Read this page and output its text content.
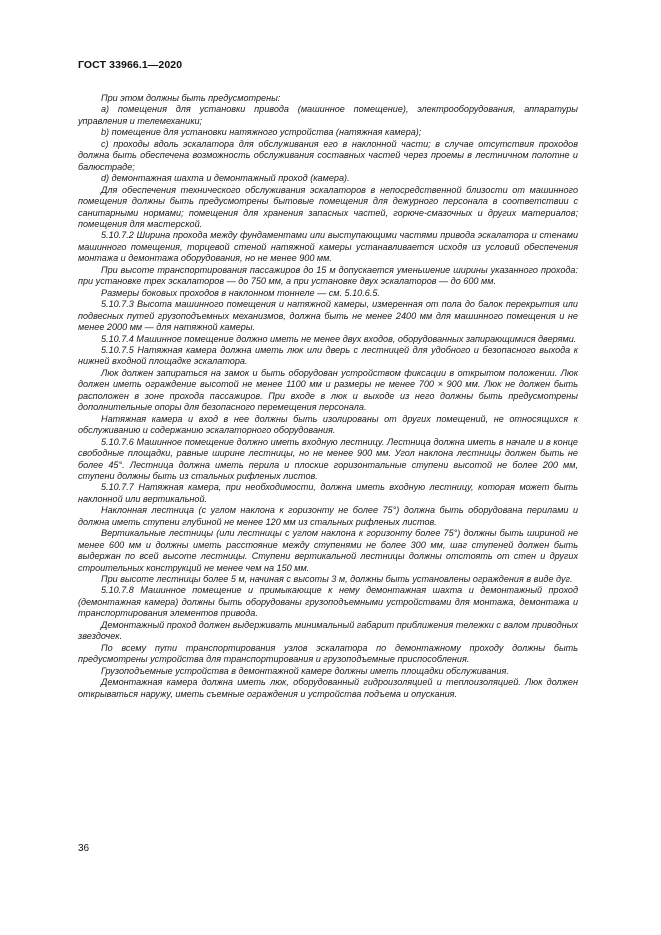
ГОСТ 33966.1—2020

При этом должны быть предусмотрены:

а) помещения для установки привода (машинное помещение), электрооборудования, аппаратуры управления и телемеханики;

b) помещение для установки натяжного устройства (натяжная камера);

с) проходы вдоль эскалатора для обслуживания его в наклонной части; в случае отсутствия проходов должна быть обеспечена возможность обслуживания составных частей через проемы в лестничном полотне и балюстраде;

d) демонтажная шахта и демонтажный проход (камера).

Для обеспечения технического обслуживания эскалаторов в непосредственной близости от машинного помещения должны быть предусмотрены бытовые помещения для дежурного персонала в соответствии с санитарными нормами; помещения для хранения запасных частей, горюче-смазочных и других материалов; помещения для мастерской.

5.10.7.2 Ширина прохода между фундаментами или выступающими частями привода эскалатора и стенами машинного помещения, торцевой стеной натяжной камеры устанавливается исходя из условий обеспечения монтажа и демонтажа оборудования, но не менее 900 мм.

При высоте транспортирования пассажиров до 15 м допускается уменьшение ширины указанного прохода: при установке трех эскалаторов — до 750 мм, а при установке двух эскалаторов — до 600 мм.

Размеры боковых проходов в наклонном тоннеле — см. 5.10.6.5.

5.10.7.3 Высота машинного помещения и натяжной камеры, измеренная от пола до балок перекрытия или подвесных путей грузоподъемных механизмов, должна быть не менее 2400 мм для машинного помещения и не менее 2000 мм — для натяжной камеры.

5.10.7.4 Машинное помещение должно иметь не менее двух входов, оборудованных запирающимися дверями.

5.10.7.5 Натяжная камера должна иметь люк или дверь с лестницей для удобного и безопасного выхода к нижней входной площадке эскалатора.

Люк должен запираться на замок и быть оборудован устройством фиксации в открытом положении. Люк должен иметь ограждение высотой не менее 1100 мм и размеры не менее 700 × 900 мм. Люк не должен быть расположен в зоне прохода пассажиров. При входе в люк и выходе из него должны быть предусмотрены дополнительные опоры для безопасного перемещения персонала.

Натяжная камера и вход в нее должны быть изолированы от других помещений, не относящихся к обслуживанию и содержанию эскалаторного оборудования.

5.10.7.6 Машинное помещение должно иметь входную лестницу. Лестница должна иметь в начале и в конце свободные площадки, равные ширине лестницы, но не менее 900 мм. Угол наклона лестницы должен быть не более 45°. Лестница должна иметь перила и плоские горизонтальные ступени высотой не более 200 мм, ступени должны быть из стальных рифленых листов.

5.10.7.7 Натяжная камера, при необходимости, должна иметь входную лестницу, которая может быть наклонной или вертикальной.

Наклонная лестница (с углом наклона к горизонту не более 75°) должна быть оборудована перилами и должна иметь ступени глубиной не менее 120 мм из стальных рифленых листов.

Вертикальные лестницы (или лестницы с углом наклона к горизонту более 75°) должны быть шириной не менее 600 мм и должны иметь расстояние между ступенями не более 300 мм, шаг ступеней должен быть выдержан по всей высоте лестницы. Ступени вертикальной лестницы должны отстоять от стен и других строительных конструкций не менее чем на 150 мм.

При высоте лестницы более 5 м, начиная с высоты 3 м, должны быть установлены ограждения в виде дуг.

5.10.7.8 Машинное помещение и примыкающие к нему демонтажная шахта и демонтажный проход (демонтажная камера) должны быть оборудованы грузоподъемными устройствами для монтажа, демонтажа и транспортирования элементов привода.

Демонтажный проход должен выдерживать минимальный габарит приближения тележки с валом приводных звездочек.

По всему пути транспортирования узлов эскалатора по демонтажному проходу должны быть предусмотрены устройства для транспортирования и грузоподъемные приспособления.

Грузоподъемные устройства в демонтажной камере должны иметь площадки обслуживания.

Демонтажная камера должна иметь люк, оборудованный гидроизоляцией и теплоизоляцией. Люк должен открываться наружу, иметь съемные ограждения и устройства подъема и опускания.

36
